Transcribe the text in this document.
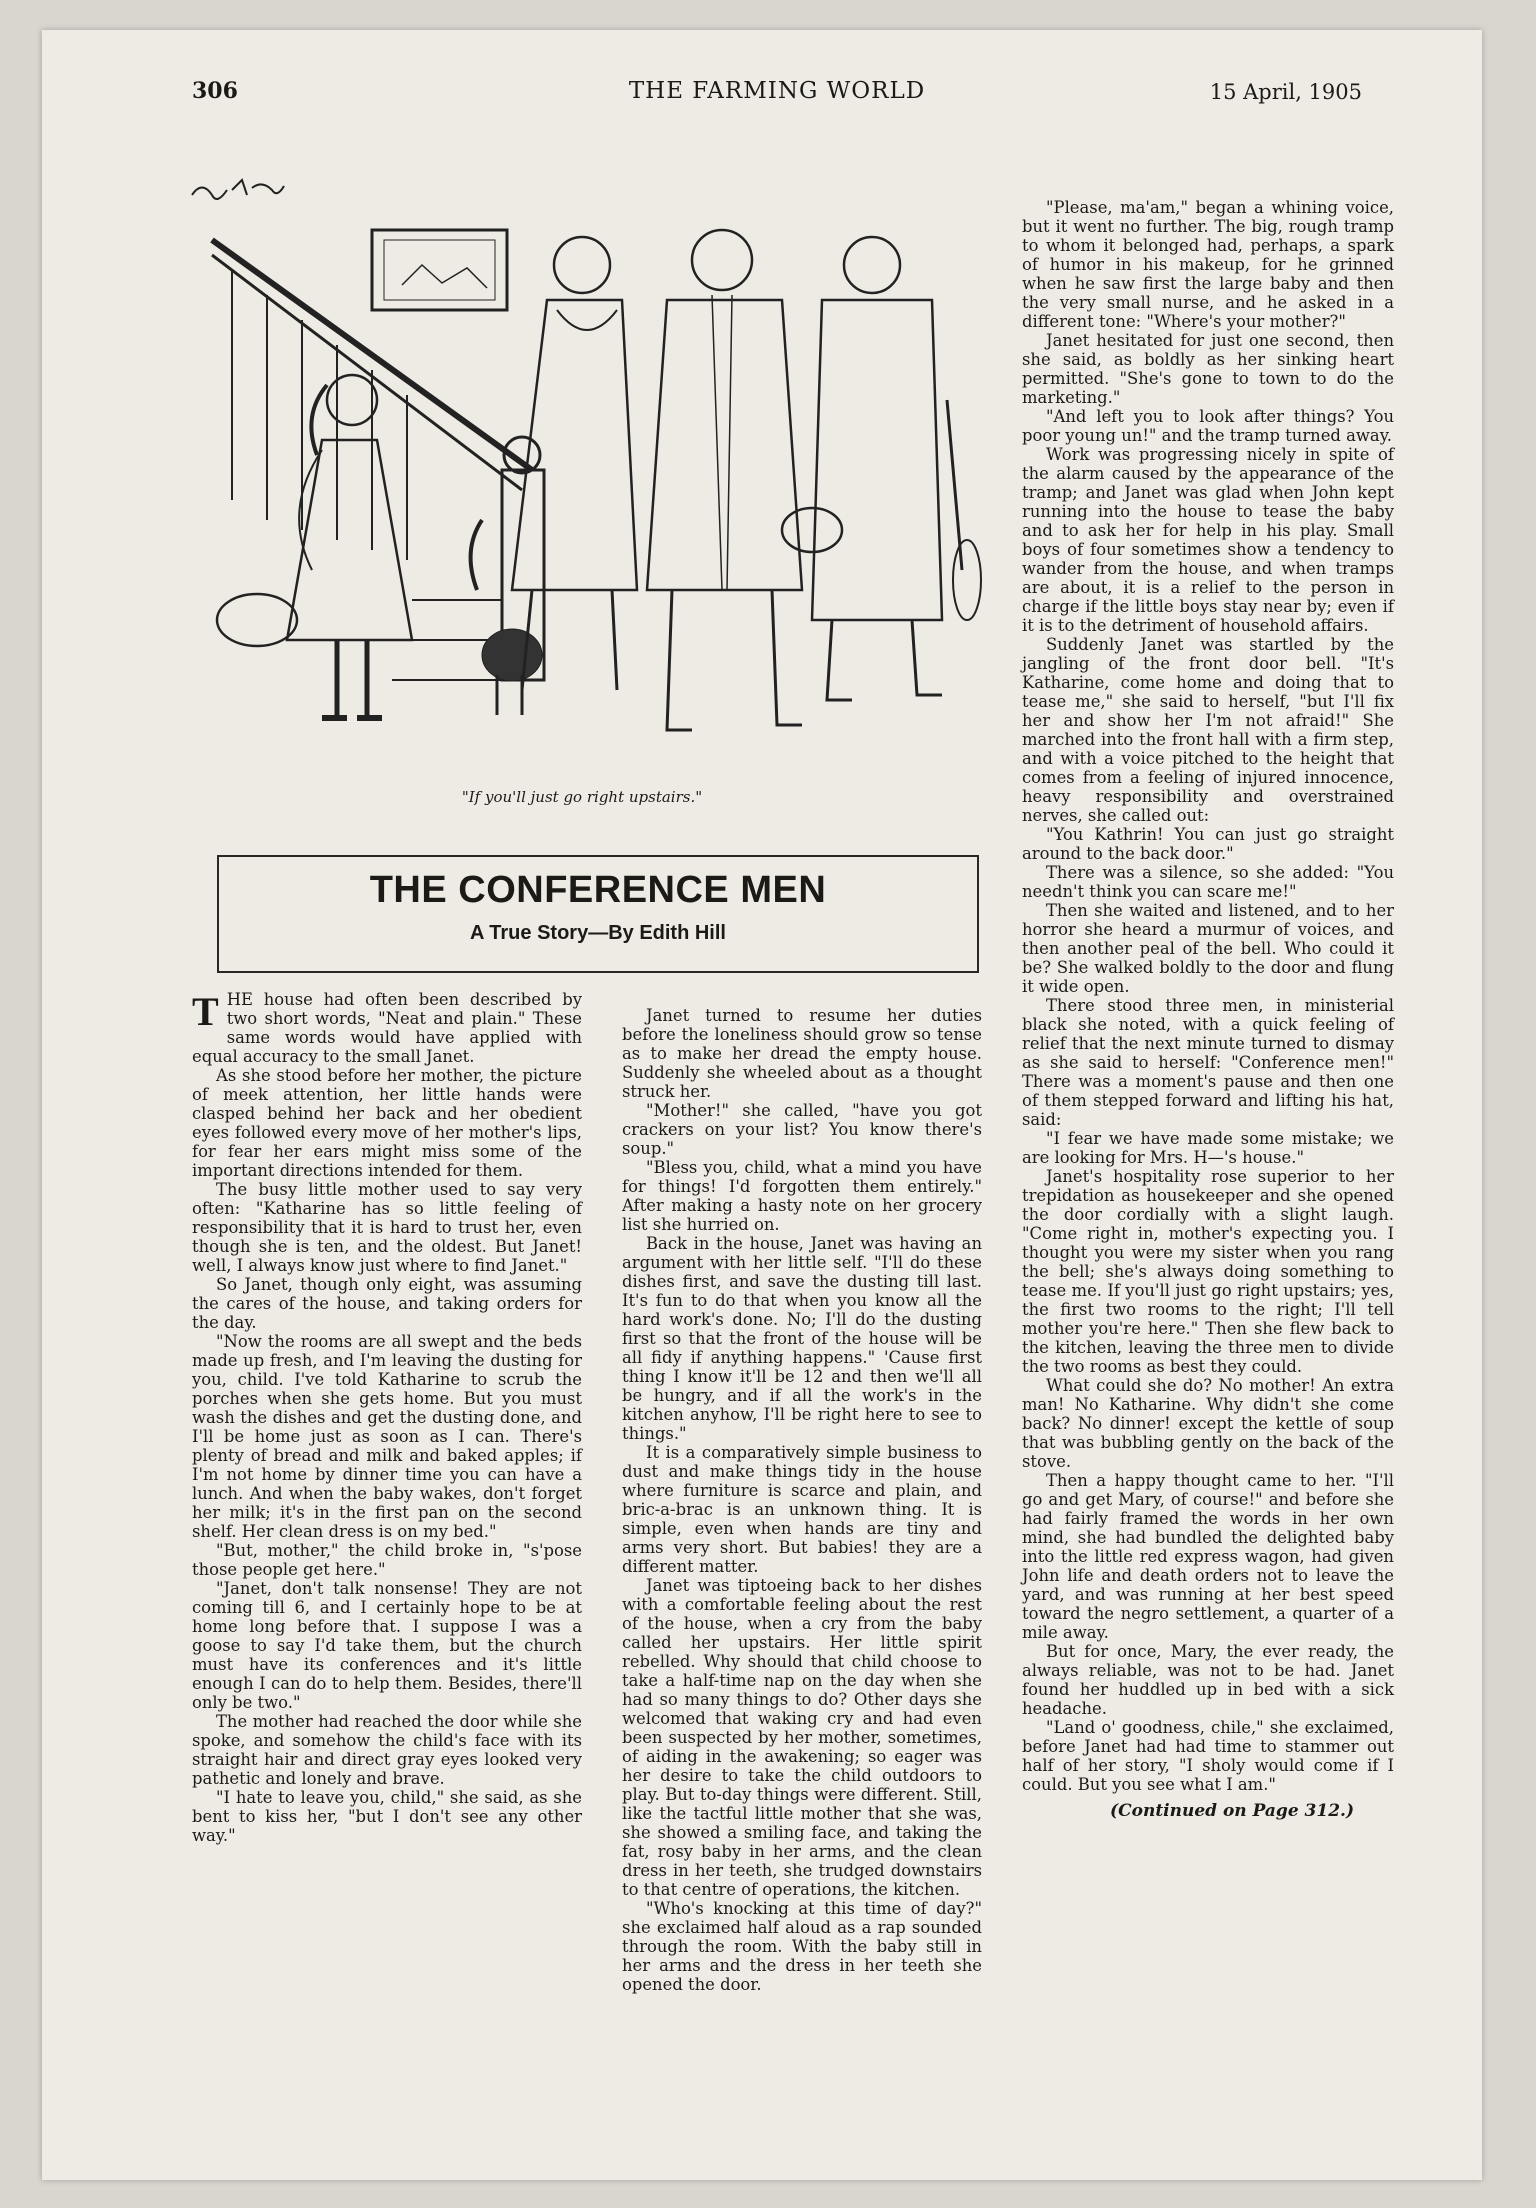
306	THE FARMING WORLD	15 April, 1905
"If you'll just go right upstairs."
THE CONFERENCE MEN
A True Story—By Edith Hill

THE house had often been described by two short words, "Neat and plain." These same words would have applied with equal accuracy to the small Janet.

As she stood before her mother, the picture of meek attention, her little hands were clasped behind her back and her obedient eyes followed every move of her mother's lips, for fear her ears might miss some of the important directions intended for them.

The busy little mother used to say very often: "Katharine has so little feeling of responsibility that it is hard to trust her, even though she is ten, and the oldest. But Janet! well, I always know just where to find Janet."

So Janet, though only eight, was assuming the cares of the house, and taking orders for the day.

"Now the rooms are all swept and the beds made up fresh, and I'm leaving the dusting for you, child. I've told Katharine to scrub the porches when she gets home. But you must wash the dishes and get the dusting done, and I'll be home just as soon as I can. There's plenty of bread and milk and baked apples; if I'm not home by dinner time you can have a lunch. And when the baby wakes, don't forget her milk; it's in the first pan on the second shelf. Her clean dress is on my bed."

"But, mother," the child broke in, "s'pose those people get here."

"Janet, don't talk nonsense! They are not coming till 6, and I certainly hope to be at home long before that. I suppose I was a goose to say I'd take them, but the church must have its conferences and it's little enough I can do to help them. Besides, there'll only be two."

The mother had reached the door while she spoke, and somehow the child's face with its straight hair and direct gray eyes looked very pathetic and lonely and brave.

"I hate to leave you, child," she said, as she bent to kiss her, "but I don't see any other way."

Janet turned to resume her duties before the loneliness should grow so tense as to make her dread the empty house. Suddenly she wheeled about as a thought struck her.

"Mother!" she called, "have you got crackers on your list? You know there's soup."

"Bless you, child, what a mind you have for things! I'd forgotten them entirely." After making a hasty note on her grocery list she hurried on.

Back in the house, Janet was having an argument with her little self. "I'll do these dishes first, and save the dusting till last. It's fun to do that when you know all the hard work's done. No; I'll do the dusting first so that the front of the house will be all fidy if anything happens." 'Cause first thing I know it'll be 12 and then we'll all be hungry, and if all the work's in the kitchen anyhow, I'll be right here to see to things."

It is a comparatively simple business to dust and make things tidy in the house where furniture is scarce and plain, and bric-a-brac is an unknown thing. It is simple, even when hands are tiny and arms very short. But babies! they are a different matter.

Janet was tiptoeing back to her dishes with a comfortable feeling about the rest of the house, when a cry from the baby called her upstairs. Her little spirit rebelled. Why should that child choose to take a half-time nap on the day when she had so many things to do? Other days she welcomed that waking cry and had even been suspected by her mother, sometimes, of aiding in the awakening; so eager was her desire to take the child outdoors to play. But to-day things were different. Still, like the tactful little mother that she was, she showed a smiling face, and taking the fat, rosy baby in her arms, and the clean dress in her teeth, she trudged downstairs to that centre of operations, the kitchen.

"Who's knocking at this time of day?" she exclaimed half aloud as a rap sounded through the room. With the baby still in her arms and the dress in her teeth she opened the door.

"Please, ma'am," began a whining voice, but it went no further. The big, rough tramp to whom it belonged had, perhaps, a spark of humor in his makeup, for he grinned when he saw first the large baby and then the very small nurse, and he asked in a different tone: "Where's your mother?"

Janet hesitated for just one second, then she said, as boldly as her sinking heart permitted. "She's gone to town to do the marketing."

"And left you to look after things? You poor young un!" and the tramp turned away.

Work was progressing nicely in spite of the alarm caused by the appearance of the tramp; and Janet was glad when John kept running into the house to tease the baby and to ask her for help in his play. Small boys of four sometimes show a tendency to wander from the house, and when tramps are about, it is a relief to the person in charge if the little boys stay near by; even if it is to the detriment of household affairs.

Suddenly Janet was startled by the jangling of the front door bell. "It's Katharine, come home and doing that to tease me," she said to herself, "but I'll fix her and show her I'm not afraid!" She marched into the front hall with a firm step, and with a voice pitched to the height that comes from a feeling of injured innocence, heavy responsibility and overstrained nerves, she called out:

"You Kathrin! You can just go straight around to the back door."

There was a silence, so she added: "You needn't think you can scare me!"

Then she waited and listened, and to her horror she heard a murmur of voices, and then another peal of the bell. Who could it be? She walked boldly to the door and flung it wide open.

There stood three men, in ministerial black she noted, with a quick feeling of relief that the next minute turned to dismay as she said to herself: "Conference men!" There was a moment's pause and then one of them stepped forward and lifting his hat, said:

"I fear we have made some mistake; we are looking for Mrs. H—'s house."

Janet's hospitality rose superior to her trepidation as housekeeper and she opened the door cordially with a slight laugh. "Come right in, mother's expecting you. I thought you were my sister when you rang the bell; she's always doing something to tease me. If you'll just go right upstairs; yes, the first two rooms to the right; I'll tell mother you're here." Then she flew back to the kitchen, leaving the three men to divide the two rooms as best they could.

What could she do? No mother! An extra man! No Katharine. Why didn't she come back? No dinner! except the kettle of soup that was bubbling gently on the back of the stove.

Then a happy thought came to her. "I'll go and get Mary, of course!" and before she had fairly framed the words in her own mind, she had bundled the delighted baby into the little red express wagon, had given John life and death orders not to leave the yard, and was running at her best speed toward the negro settlement, a quarter of a mile away.

But for once, Mary, the ever ready, the always reliable, was not to be had. Janet found her huddled up in bed with a sick headache.

"Land o' goodness, chile," she exclaimed, before Janet had had time to stammer out half of her story, "I sholy would come if I could. But you see what I am."

(Continued on Page 312.)
